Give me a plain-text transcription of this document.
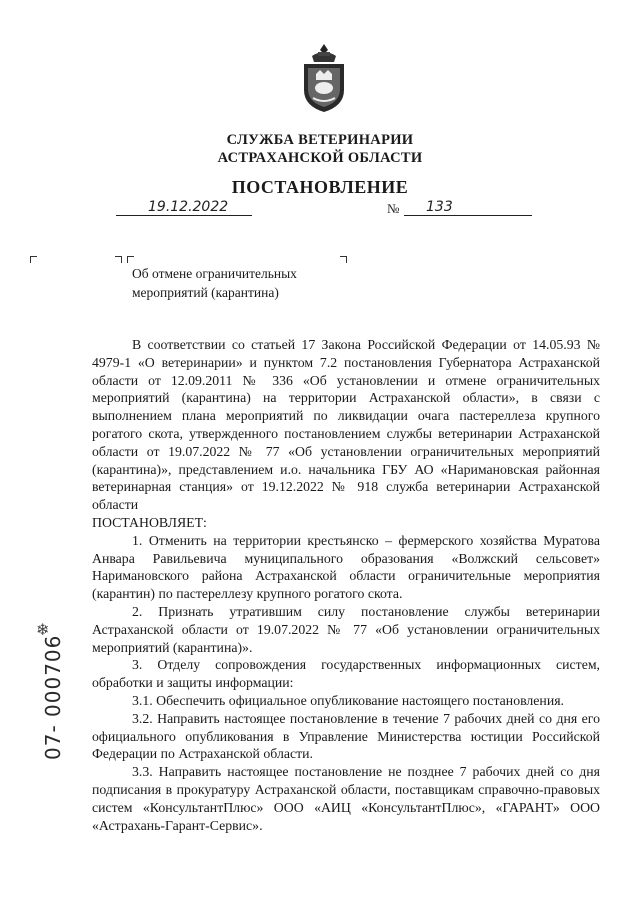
СЛУЖБА ВЕТЕРИНАРИИ
АСТРАХАНСКОЙ ОБЛАСТИ
ПОСТАНОВЛЕНИЕ
19.12.2022	№ 133
Об отмене ограничительных
мероприятий (карантина)

В соответствии со статьей 17 Закона Российской Федерации от 14.05.93 № 4979-1 «О ветеринарии» и пунктом 7.2 постановления Губернатора Астраханской области от 12.09.2011 № 336 «Об установлении и отмене ограничительных мероприятий (карантина) на территории Астраханской области», в связи с выполнением плана мероприятий по ликвидации очага пастереллеза крупного рогатого скота, утвержденного постановлением службы ветеринарии Астраханской области от 19.07.2022 № 77 «Об установлении ограничительных мероприятий (карантина)», представлением и.о. начальника ГБУ АО «Наримановская районная ветеринарная станция» от 19.12.2022 № 918 служба ветеринарии Астраханской области

ПОСТАНОВЛЯЕТ:

1. Отменить на территории крестьянско – фермерского хозяйства Муратова Анвара Равильевича муниципального образования «Волжский сельсовет» Наримановского района Астраханской области ограничительные мероприятия (карантин) по пастереллезу крупного рогатого скота.

2. Признать утратившим силу постановление службы ветеринарии Астраханской области от 19.07.2022 № 77 «Об установлении ограничительных мероприятий (карантина)».

3. Отделу сопровождения государственных информационных систем, обработки и защиты информации:

3.1. Обеспечить официальное опубликование настоящего постановления.

3.2. Направить настоящее постановление в течение 7 рабочих дней со дня его официального опубликования в Управление Министерства юстиции Российской Федерации по Астраханской области.

3.3. Направить настоящее постановление не позднее 7 рабочих дней со дня подписания в прокуратуру Астраханской области, поставщикам справочно-правовых систем «КонсультантПлюс» ООО «АИЦ «КонсультантПлюс», «ГАРАНТ» ООО «Астрахань-Гарант-Сервис».

❄
07- 000706
